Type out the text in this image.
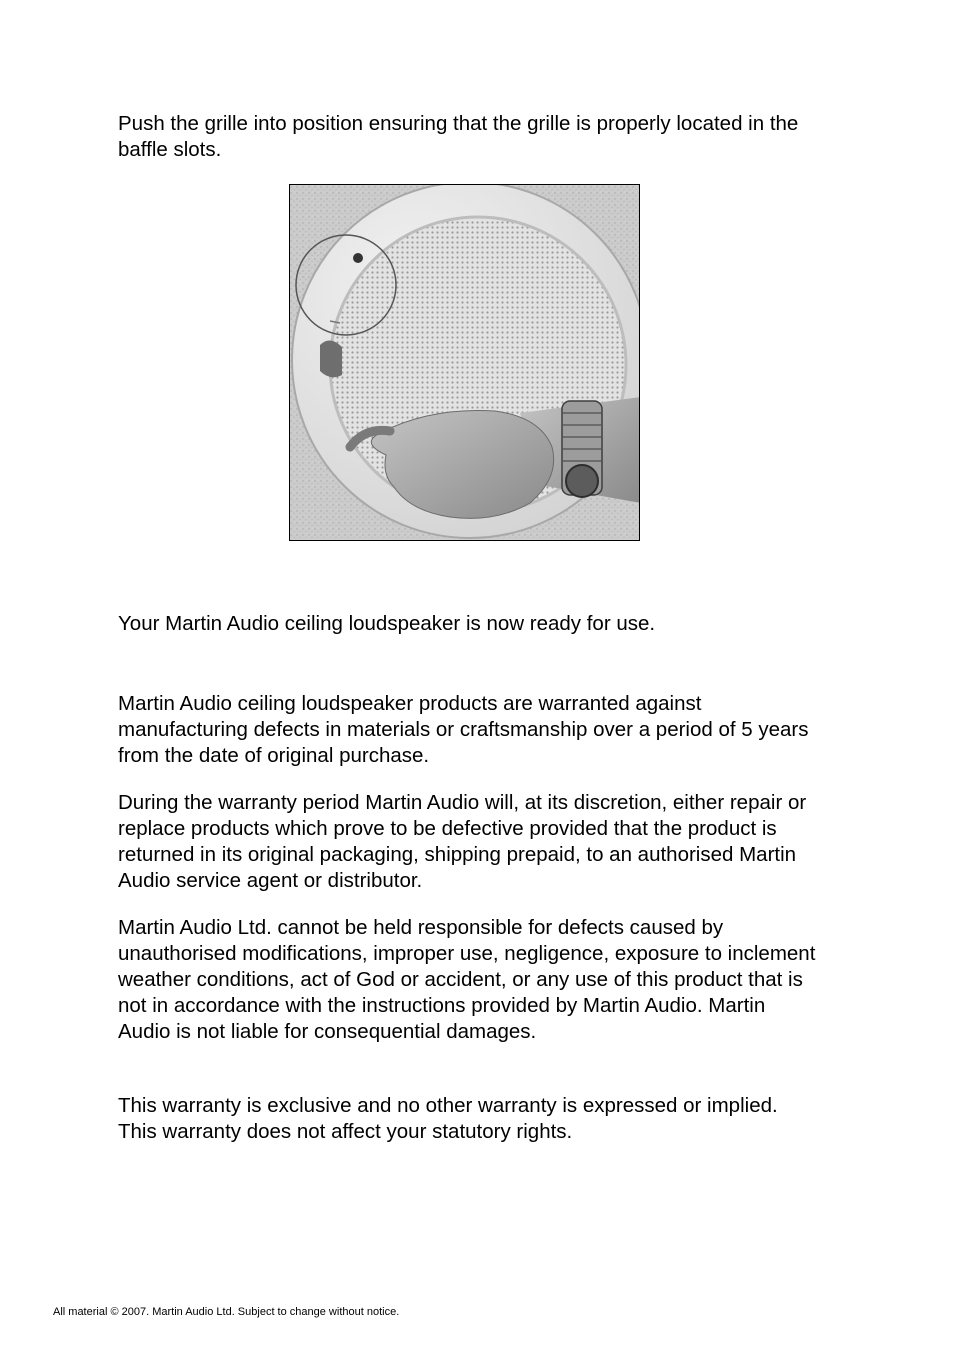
Push the grille into position ensuring that the grille is properly located in the baffle slots.

Your Martin Audio ceiling loudspeaker is now ready for use.

Martin Audio ceiling loudspeaker products are warranted against manufacturing defects in materials or craftsmanship over a period of 5 years from the date of original purchase.

During the warranty period Martin Audio will, at its discretion, either repair or replace products which prove to be defective provided that the product is returned in its original packaging, shipping prepaid, to an authorised Martin Audio service agent or distributor.

Martin Audio Ltd. cannot be held responsible for defects caused by unauthorised modifications, improper use, negligence, exposure to inclement weather conditions, act of God or accident, or any use of this product that is not in accordance with the instructions provided by Martin Audio. Martin Audio is not liable for consequential damages.

This warranty is exclusive and no other warranty is expressed or implied. This warranty does not affect your statutory rights.

All material © 2007. Martin Audio Ltd. Subject to change without notice.
